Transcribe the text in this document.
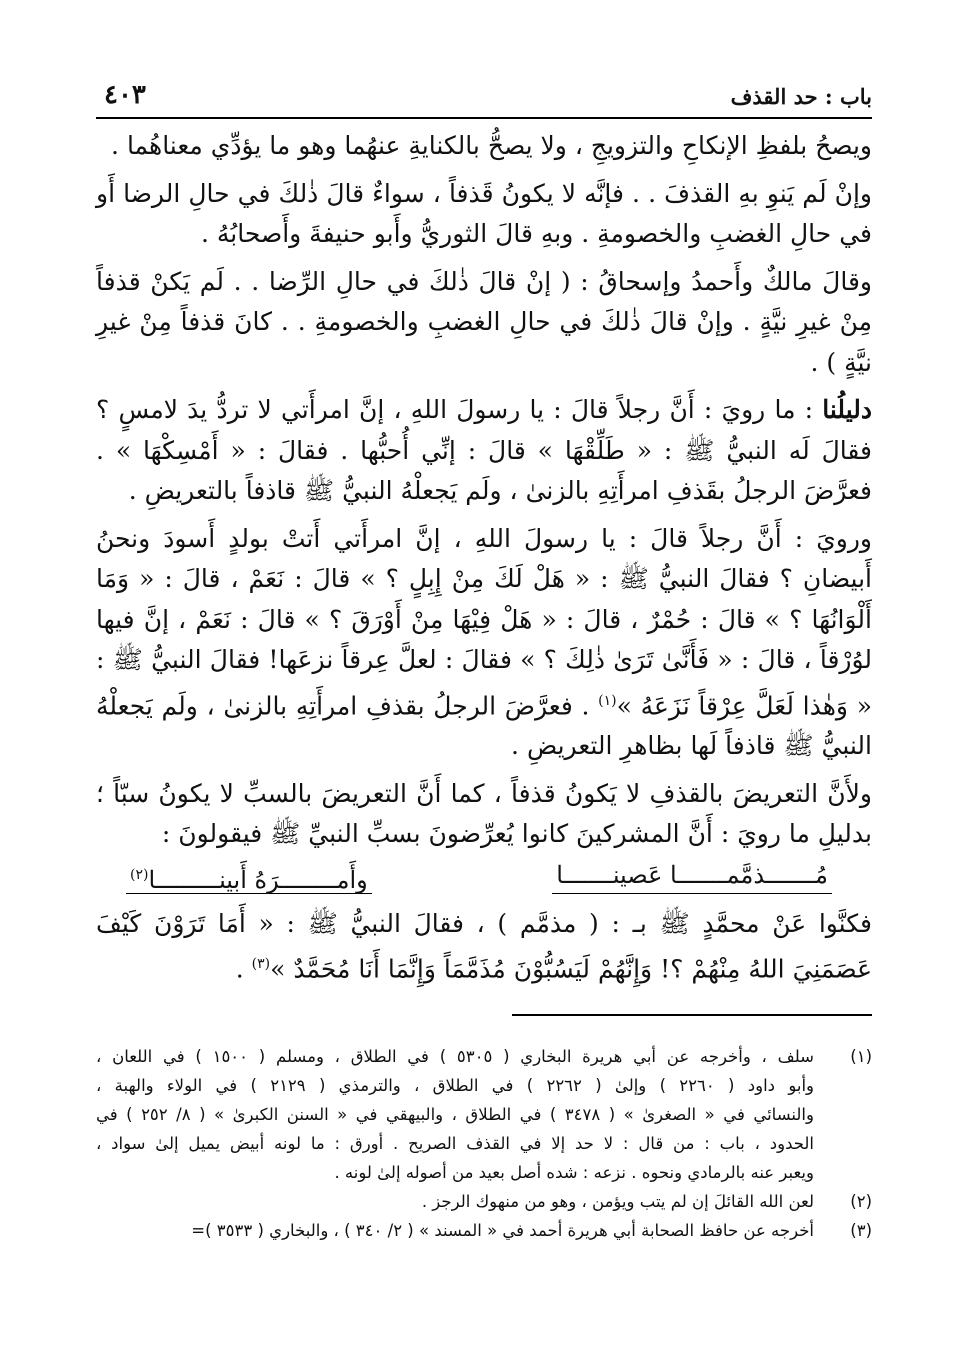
باب : حد القذف
٤٠٣

ويصحُ بلفظِ الإنكاحِ والتزويجِ ، ولا يصحُّ بالكنايةِ عنهُما وهو ما يؤدِّي معناهُما .

وإنْ لَم يَنوِ بهِ القذفَ . . فإنَّه لا يكونُ قَذفاً ، سواءٌ قالَ ذٰلكَ في حالِ الرضا أَو في حالِ الغضبِ والخصومةِ . وبهِ قالَ الثوريُّ وأَبو حنيفةَ وأَصحابُهُ .

وقالَ مالكٌ وأَحمدُ وإسحاقُ : ( إنْ قالَ ذٰلكَ في حالِ الرِّضا . . لَم يَكنْ قذفاً مِنْ غيرِ نيَّةٍ . وإنْ قالَ ذٰلكَ في حالِ الغضبِ والخصومةِ . . كانَ قذفاً مِنْ غيرِ نيَّةٍ ) .

دليلُنا : ما رويَ : أَنَّ رجلاً قالَ : يا رسولَ اللهِ ، إنَّ امرأَتي لا تردُّ يدَ لامسٍ ؟ فقالَ لَه النبيُّ ﷺ : « طَلِّقْهَا » قالَ : إنِّي أُحبُّها . فقالَ : « أَمْسِكْهَا » . فعرَّضَ الرجلُ بقَذفِ امرأَتِهِ بالزنىٰ ، ولَم يَجعلْهُ النبيُّ ﷺ قاذفاً بالتعريضِ .

ورويَ : أَنَّ رجلاً قالَ : يا رسولَ اللهِ ، إنَّ امرأَتي أَتتْ بولدٍ أَسودَ ونحنُ أَبيضانِ ؟ فقالَ النبيُّ ﷺ : « هَلْ لَكَ مِنْ إِبِلٍ ؟ » قالَ : نَعَمْ ، قالَ : « وَمَا أَلْوَانُهَا ؟ » قالَ : حُمْرٌ ، قالَ : « هَلْ فِيْهَا مِنْ أَوْرَقَ ؟ » قالَ : نَعَمْ ، إنَّ فيها لوُرْقاً ، قالَ : « فَأَنَّىٰ تَرَىٰ ذٰلِكَ ؟ » فقالَ : لعلَّ عِرقاً نزعَها! فقالَ النبيُّ ﷺ : « وَهٰذا لَعَلَّ عِرْقاً نَزَعَهُ »$^{(١)}$ . فعرَّضَ الرجلُ بقذفِ امرأَتِهِ بالزنىٰ ، ولَم يَجعلْهُ النبيُّ ﷺ قاذفاً لَها بظاهرِ التعريضِ .

ولأَنَّ التعريضَ بالقذفِ لا يَكونُ قذفاً ، كما أَنَّ التعريضَ بالسبِّ لا يكونُ سبّاً ؛ بدليلِ ما رويَ : أَنَّ المشركينَ كانوا يُعرِّضونَ بسبِّ النبيِّ ﷺ فيقولونَ :

مُـــــــذمَّمـــــــا عَصينـــــــا
وأَمــــــــرَهُ أَبينـــــــــا$^{(٢)}$

فكنَّوا عَنْ محمَّدٍ ﷺ بـ : ( مذمَّم ) ، فقالَ النبيُّ ﷺ : « أَمَا تَرَوْنَ كَيْفَ عَصَمَنِيَ اللهُ مِنْهُمْ ؟! وَإِنَّهُمْ لَيَسُبُّوْنَ مُذَمَّمَاً وَإِنَّمَا أَنَا مُحَمَّدٌ »$^{(٣)}$ .

(١)
سلف ، وأخرجه عن أبي هريرة البخاري ( ٥٣٠٥ ) في الطلاق ، ومسلم ( ١٥٠٠ ) في اللعان ،
وأبو داود ( ٢٢٦٠ ) وإلىٰ ( ٢٢٦٢ ) في الطلاق ، والترمذي ( ٢١٢٩ ) في الولاء والهبة ،
والنسائي في « الصغرىٰ » ( ٣٤٧٨ ) في الطلاق ، والبيهقي في « السنن الكبرىٰ » ( ٨/ ٢٥٢ ) في
الحدود ، باب : من قال : لا حد إلا في القذف الصريح . أورق : ما لونه أبيض يميل إلىٰ سواد ،
ويعبر عنه بالرمادي ونحوه . نزعه : شده أصل بعيد من أصوله إلىٰ لونه .
(٢)
لعن الله القائلَ إن لم يتب ويؤمن ، وهو من منهوك الرجز .
(٣)
أخرجه عن حافظ الصحابة أبي هريرة أحمد في « المسند » ( ٢/ ٣٤٠ ) ، والبخاري ( ٣٥٣٣ )=
